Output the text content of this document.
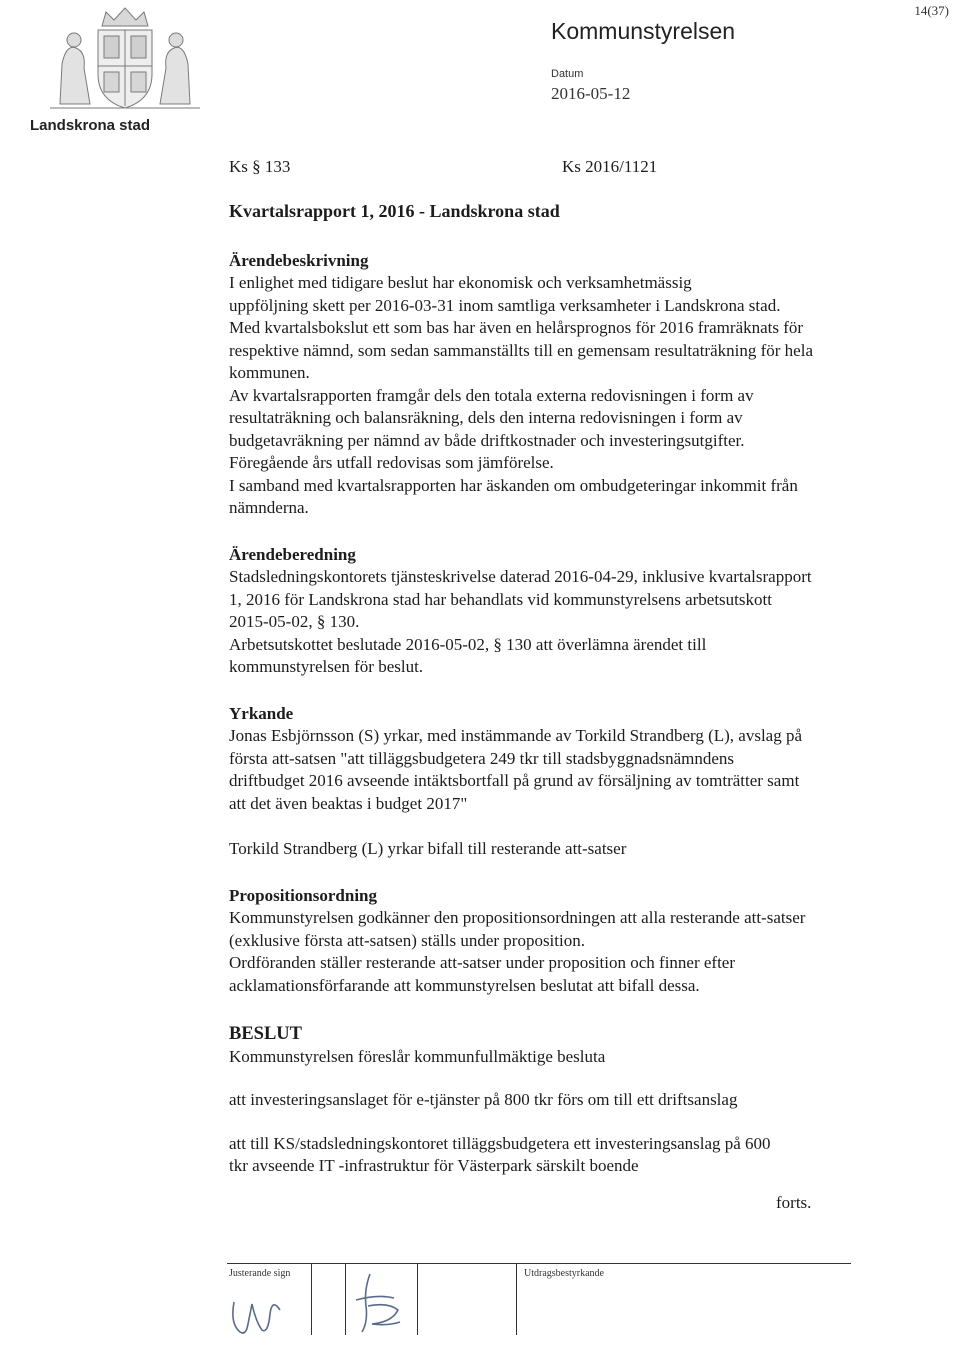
Landskrona stad
Kommunstyrelsen
Datum
2016-05-12
14(37)
Ks § 133	Ks 2016/1121

Kvartalsrapport 1, 2016 - Landskrona stad

Ärendebeskrivning

I enlighet med tidigare beslut har ekonomisk och verksamhetmässig
uppföljning skett per 2016-03-31 inom samtliga verksamheter i Landskrona stad.
Med kvartalsbokslut ett som bas har även en helårsprognos för 2016 framräknats för
respektive nämnd, som sedan sammanställts till en gemensam resultaträkning för hela
kommunen.

Av kvartalsrapporten framgår dels den totala externa redovisningen i form av
resultaträkning och balansräkning, dels den interna redovisningen i form av
budgetavräkning per nämnd av både driftkostnader och investeringsutgifter.
Föregående års utfall redovisas som jämförelse.
I samband med kvartalsrapporten har äskanden om ombudgeteringar inkommit från
nämnderna.

Ärendeberedning

Stadsledningskontorets tjänsteskrivelse daterad 2016-04-29, inklusive kvartalsrapport
1, 2016 för Landskrona stad har behandlats vid kommunstyrelsens arbetsutskott
2015-05-02, § 130.
Arbetsutskottet beslutade 2016-05-02, § 130 att överlämna ärendet till
kommunstyrelsen för beslut.

Yrkande

Jonas Esbjörnsson (S) yrkar, med instämmande av Torkild Strandberg (L), avslag på
första att-satsen "att tilläggsbudgetera 249 tkr till stadsbyggnadsnämndens
driftbudget 2016 avseende intäktsbortfall på grund av försäljning av tomträtter samt
att det även beaktas i budget 2017"

Torkild Strandberg (L) yrkar bifall till resterande att-satser

Propositionsordning

Kommunstyrelsen godkänner den propositionsordningen att alla resterande att-satser
(exklusive första att-satsen) ställs under proposition.
Ordföranden ställer resterande att-satser under proposition och finner efter
acklamationsförfarande att kommunstyrelsen beslutat att bifall dessa.

BESLUT

Kommunstyrelsen föreslår kommunfullmäktige besluta

att investeringsanslaget för e-tjänster på 800 tkr förs om till ett driftsanslag

att till KS/stadsledningskontoret tilläggsbudgetera ett investeringsanslag på 600
tkr avseende IT -infrastruktur för Västerpark särskilt boende

forts.
Justerande sign	Utdragsbestyrkande
